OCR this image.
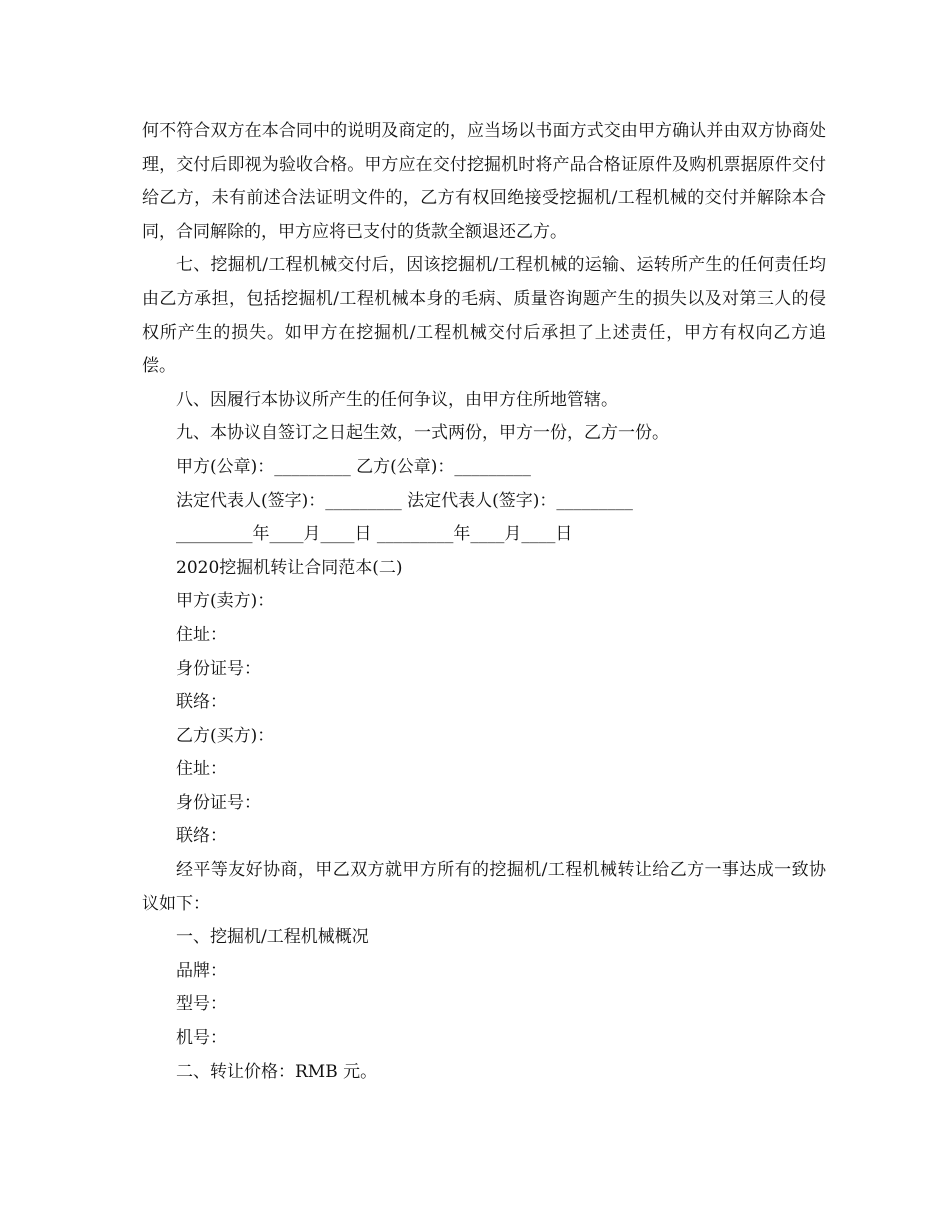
何不符合双方在本合同中的说明及商定的，应当场以书面方式交由甲方确认并由双方协商处理，交付后即视为验收合格。甲方应在交付挖掘机时将产品合格证原件及购机票据原件交付给乙方，未有前述合法证明文件的，乙方有权回绝接受挖掘机/工程机械的交付并解除本合同，合同解除的，甲方应将已支付的货款全额退还乙方。

七、挖掘机/工程机械交付后，因该挖掘机/工程机械的运输、运转所产生的任何责任均由乙方承担，包括挖掘机/工程机械本身的毛病、质量咨询题产生的损失以及对第三人的侵权所产生的损失。如甲方在挖掘机/工程机械交付后承担了上述责任，甲方有权向乙方追偿。

八、因履行本协议所产生的任何争议，由甲方住所地管辖。

九、本协议自签订之日起生效，一式两份，甲方一份，乙方一份。

甲方(公章)：_________ 乙方(公章)：_________

法定代表人(签字)：_________ 法定代表人(签字)：_________

_________年____月____日 _________年____月____日

2020挖掘机转让合同范本(二)

甲方(卖方)：

住址：

身份证号：

联络：

乙方(买方)：

住址：

身份证号：

联络：

经平等友好协商，甲乙双方就甲方所有的挖掘机/工程机械转让给乙方一事达成一致协议如下：

一、挖掘机/工程机械概况

品牌：

型号：

机号：

二、转让价格：RMB 元。
